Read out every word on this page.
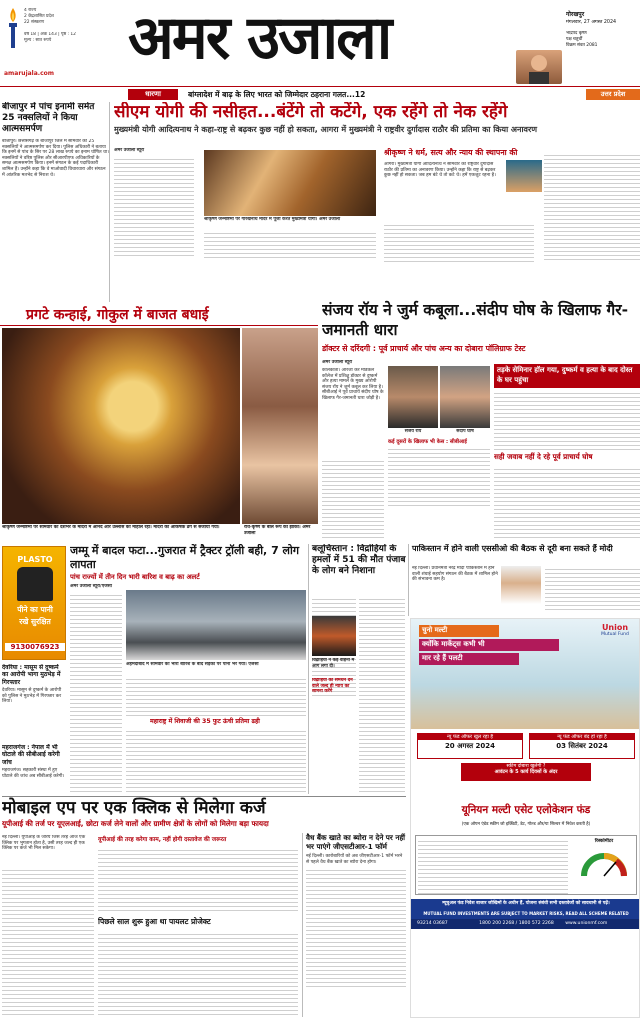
4 राज्य
2 केंद्रशासित प्रदेश
22 संस्करण
वर्ष 18 | अंक 143 | पृष्ठ : 12
मूल्य : सात रुपये
amarujala.com
अमर उजाला	गोरखपुर
मंगलवार, 27 अगस्त 2024
भाद्रपद कृष्ण
पक्ष चतुर्थी
विक्रम संवत 2081
धारणा	बांग्लादेश में बाढ़ के लिए भारत को जिम्मेदार ठहराना गलत...12	उत्तर प्रदेश
बीजापुर में पांच इनामी समेत 25 नक्सलियों ने किया आत्मसमर्पण
बीजापुर। छत्तीसगढ़ के बीजापुर जिले में सोमवार को 25 नक्सलियों ने आत्मसमर्पण कर दिया। पुलिस अधिकारी ने बताया कि इनमें से पांच के सिर पर 28 लाख रुपये का इनाम घोषित था। नक्सलियों ने वरिष्ठ पुलिस और सीआरपीएफ अधिकारियों के समक्ष आत्मसमर्पण किया। इनमें संगठन के कई पदाधिकारी शामिल हैं। उन्होंने कहा कि वे माओवादी विचारधारा और संगठन में आंतरिक मतभेद से निराश थे।
सीएम योगी की नसीहत...बंटेंगे तो कटेंगे, एक रहेंगे तो नेक रहेंगे
मुख्यमंत्री योगी आदित्यनाथ ने कहा-राष्ट्र से बढ़कर कुछ नहीं हो सकता, आगरा में मुख्यमंत्री ने राष्ट्रवीर दुर्गादास राठौर की प्रतिमा का किया अनावरण
अमर उजाला ब्यूरो
श्रीकृष्ण जन्माष्टमी पर गोरखनाथ मंदिर में पूजा करते मुख्यमंत्री योगी। अमर उजाला
श्रीकृष्ण ने धर्म, सत्य और न्याय की स्थापना की
आगरा। मुख्यमंत्री योगी आदित्यनाथ ने सोमवार को राष्ट्रवीर दुर्गादास राठौर की प्रतिमा का अनावरण किया। उन्होंने कहा कि राष्ट्र से बढ़कर कुछ नहीं हो सकता। जब हम बंटे थे तो कटे थे। हमें एकजुट रहना है।
प्रगटे कन्हाई, गोकुल में बाजत बधाई
श्रीकृष्ण जन्माष्टमी पर सोमवार को देशभर के मंदिरों में आनंद और उल्लास का माहौल रहा। मंदिरों को आकर्षक ढंग से सजाया गया।	राधे-कृष्ण के बाल रूप की झांकी। अमर उजाला
संजय रॉय ने जुर्म कबूला...संदीप घोष के खिलाफ गैर-जमानती धारा
डॉक्टर से दरिंदगी : पूर्व प्राचार्य और पांच अन्य का दोबारा पॉलिग्राफ टेस्ट
अमर उजाला ब्यूरो
कोलकाता। आरजी कर मेडिकल कॉलेज में प्रशिक्षु डॉक्टर से दुष्कर्म और हत्या मामले के मुख्य आरोपी संजय रॉय ने जुर्म कबूल कर लिया है। सीबीआई ने पूर्व प्राचार्य संदीप घोष के खिलाफ गैर-जमानती धारा जोड़ी है।
संजय रॉय	संदीप घोष
कई दूसरों के खिलाफ भी केस : सीबीआई
तड़के सेमिनार हॉल गया, दुष्कर्म व हत्या के बाद दोस्त के घर पहुंचा
सही जवाब नहीं दे रहे पूर्व प्राचार्य घोष
PLASTO
पीने का पानी
रखे सुरक्षित
9130076923
देवरिया : मासूम से दुष्कर्म का आरोपी भागा मुठभेड़ में गिरफ्तार
देवरिया। मासूम से दुष्कर्म के आरोपी को पुलिस ने मुठभेड़ में गिरफ्तार कर लिया।
महराजगंज : नेपाल में भी घोटाले की सीबीआई करेगी जांच
महराजगंज। सहकारी संस्था में हुए घोटाले की जांच अब सीबीआई करेगी।
जम्मू में बादल फटा...गुजरात में ट्रैक्टर ट्रॉली बही, 7 लोग लापता
पांच राज्यों में तीन दिन भारी बारिश व बाढ़ का अलर्ट
अमर उजाला ब्यूरो/एजेंसी
अहमदाबाद में सोमवार को भारी बारिश के बाद सड़कों पर पानी भर गया। एजेंसी
महाराष्ट्र में शिवाजी की 35 फुट ऊंची प्रतिमा ढही
बलूचिस्तान : विद्रोहियों के हमलों में 51 की मौत पंजाब के लोग बने निशाना
विद्रोहियों ने कई वाहनों में आग लगा दी।
विद्रोहियों को समर्थन देने वाले जल्द ही न्याय का सामना करेंगे
पाकिस्तान में होने वाली एससीओ की बैठक से दूरी बना सकते हैं मोदी
नई दिल्ली। प्रधानमंत्री नरेंद्र मोदी पाकिस्तान में होने वाली शंघाई सहयोग संगठन की बैठक में शामिल होने की संभावना कम है।
चुनो मल्टी
क्योंकि मार्केट्स कभी भी
मार रहे हैं पलटी
Union
Mutual Fund
न्यू फंड ऑफर खुल रहा है
20 अगस्त 2024
न्यू फंड ऑफर बंद हो रहा है
03 सितंबर 2024
स्कीम दोबारा खुलेगी ?
आवंटन के 5 कार्य दिवसों के अंदर
यूनियन मल्टी एसेट एलोकेशन फंड
(एक ओपन एंडेड स्कीम जो इक्विटी, डेट, गोल्ड और/या सिल्वर में निवेश करती है)
रिस्कोमीटर
म्यूचुअल फंड निवेश बाजार जोखिमों के अधीन हैं, योजना संबंधी सभी दस्तावेजों को सावधानी से पढ़ें।
MUTUAL FUND INVESTMENTS ARE SUBJECT TO MARKET RISKS, READ ALL SCHEME RELATED
93214 03687	1800 200 2268 / 1800 572 2268 www.unionmf.com
मोबाइल एप पर एक क्लिक से मिलेगा कर्ज
यूपीआई की तर्ज पर यूएलआई, छोटा कर्ज लेने वालों और ग्रामीण क्षेत्रों के लोगों को मिलेगा बड़ा फायदा
नई दिल्ली। यूपीआई के जरिये जिस तरह आज एक क्लिक पर भुगतान होता है, उसी तरह जल्द ही एक क्लिक पर कर्ज भी मिल सकेगा।
यूपीआई की तरह करेगा काम, नहीं होगी दस्तावेज की जरूरत
पिछले साल शुरू हुआ था पायलट प्रोजेक्ट
वैध बैंक खाते का ब्योरा न देने पर नहीं भर पाएंगे जीएसटीआर-1 फॉर्म
नई दिल्ली। कारोबारियों को अब जीएसटीआर-1 फॉर्म भरने से पहले वैध बैंक खाते का ब्योरा देना होगा।
